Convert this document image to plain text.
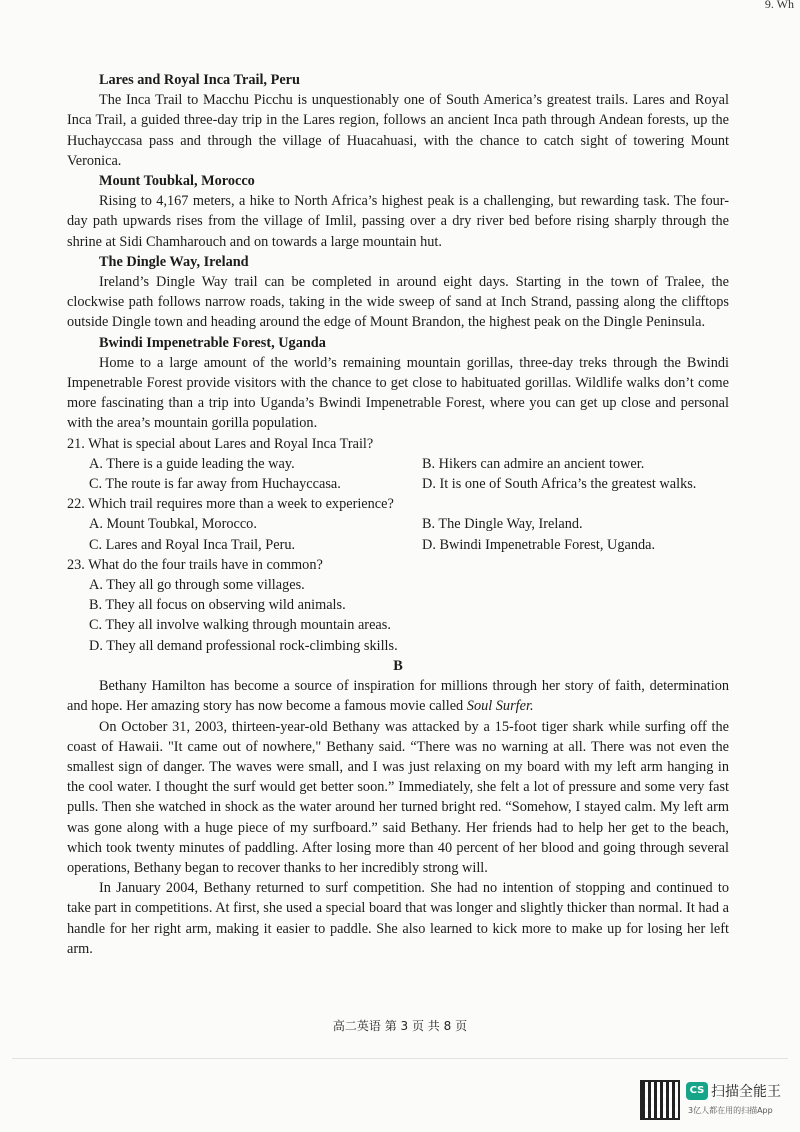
9. Wh
Lares and Royal Inca Trail, Peru
The Inca Trail to Macchu Picchu is unquestionably one of South America’s greatest trails. Lares and Royal Inca Trail, a guided three-day trip in the Lares region, follows an ancient Inca path through Andean forests, up the Huchayccasa pass and through the village of Huacahuasi, with the chance to catch sight of towering Mount Veronica.
Mount Toubkal, Morocco
Rising to 4,167 meters, a hike to North Africa’s highest peak is a challenging, but rewarding task. The four-day path upwards rises from the village of Imlil, passing over a dry river bed before rising sharply through the shrine at Sidi Chamharouch and on towards a large mountain hut.
The Dingle Way, Ireland
Ireland’s Dingle Way trail can be completed in around eight days. Starting in the town of Tralee, the clockwise path follows narrow roads, taking in the wide sweep of sand at Inch Strand, passing along the clifftops outside Dingle town and heading around the edge of Mount Brandon, the highest peak on the Dingle Peninsula.
Bwindi Impenetrable Forest, Uganda
Home to a large amount of the world’s remaining mountain gorillas, three-day treks through the Bwindi Impenetrable Forest provide visitors with the chance to get close to habituated gorillas. Wildlife walks don’t come more fascinating than a trip into Uganda’s Bwindi Impenetrable Forest, where you can get up close and personal with the area’s mountain gorilla population.
21. What is special about Lares and Royal Inca Trail?
A. There is a guide leading the way.	B. Hikers can admire an ancient tower.
C. The route is far away from Huchayccasa.	D. It is one of South Africa’s the greatest walks.
22. Which trail requires more than a week to experience?
A. Mount Toubkal, Morocco.	B. The Dingle Way, Ireland.
C. Lares and Royal Inca Trail, Peru.	D. Bwindi Impenetrable Forest, Uganda.
23. What do the four trails have in common?
A. They all go through some villages.
B. They all focus on observing wild animals.
C. They all involve walking through mountain areas.
D. They all demand professional rock-climbing skills.
B
Bethany Hamilton has become a source of inspiration for millions through her story of faith, determination and hope. Her amazing story has now become a famous movie called Soul Surfer.
On October 31, 2003, thirteen-year-old Bethany was attacked by a 15-foot tiger shark while surfing off the coast of Hawaii. "It came out of nowhere," Bethany said. “There was no warning at all. There was not even the smallest sign of danger. The waves were small, and I was just relaxing on my board with my left arm hanging in the cool water. I thought the surf would get better soon.” Immediately, she felt a lot of pressure and some very fast pulls. Then she watched in shock as the water around her turned bright red. “Somehow, I stayed calm. My left arm was gone along with a huge piece of my surfboard.” said Bethany. Her friends had to help her get to the beach, which took twenty minutes of paddling. After losing more than 40 percent of her blood and going through several operations, Bethany began to recover thanks to her incredibly strong will.
In January 2004, Bethany returned to surf competition. She had no intention of stopping and continued to take part in competitions. At first, she used a special board that was longer and slightly thicker than normal. It had a handle for her right arm, making it easier to paddle. She also learned to kick more to make up for losing her left arm.
高二英语 第 3 页 共 8 页
CS 扫描全能王
3亿人都在用的扫描App
